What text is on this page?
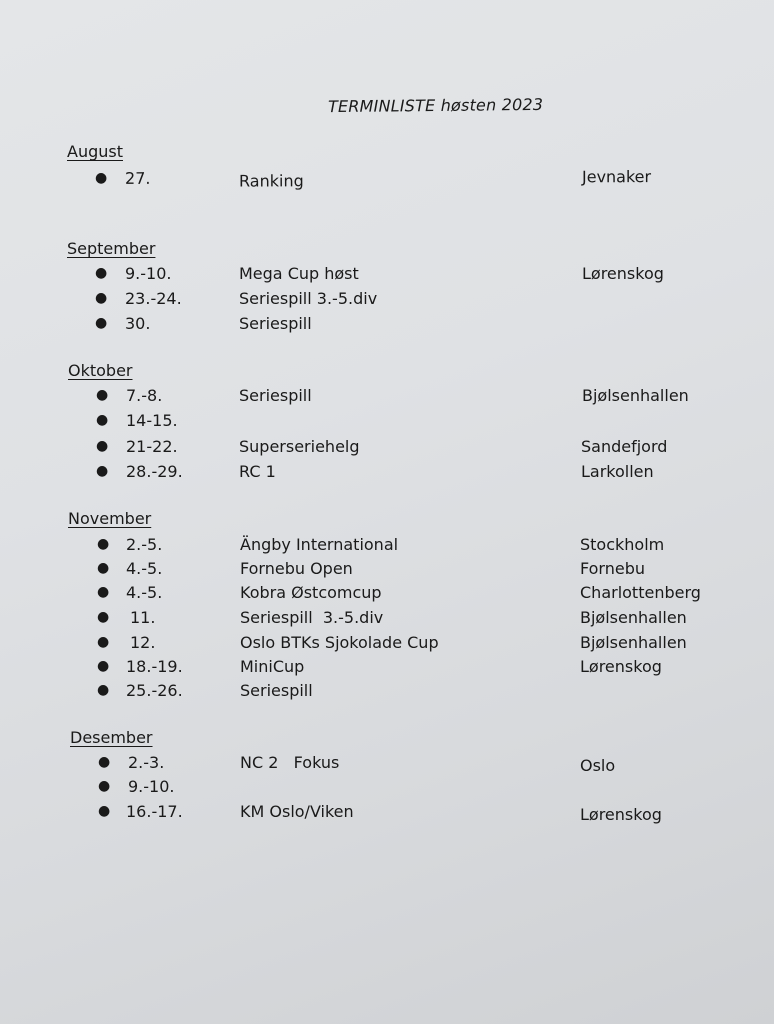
TERMINLISTE høsten 2023
August
● 27.	Ranking	Jevnaker
September
● 9.-10.	Mega Cup høst	Lørenskog
● 23.-24.	Seriespill 3.-5.div
● 30.	Seriespill
Oktober
● 7.-8.	Seriespill	Bjølsenhallen
● 14-15.
● 21-22.	Superseriehelg	Sandefjord
● 28.-29.	RC 1	Larkollen
November
● 2.-5.	Ängby International	Stockholm
● 4.-5.	Fornebu Open	Fornebu
● 4.-5.	Kobra Østcomcup	Charlottenberg
● 11.	Seriespill  3.-5.div	Bjølsenhallen
● 12.	Oslo BTKs Sjokolade Cup	Bjølsenhallen
● 18.-19.	MiniCup	Lørenskog
● 25.-26.	Seriespill
Desember
● 2.-3.	NC 2   Fokus	Oslo
● 9.-10.
● 16.-17.	KM Oslo/Viken	Lørenskog
